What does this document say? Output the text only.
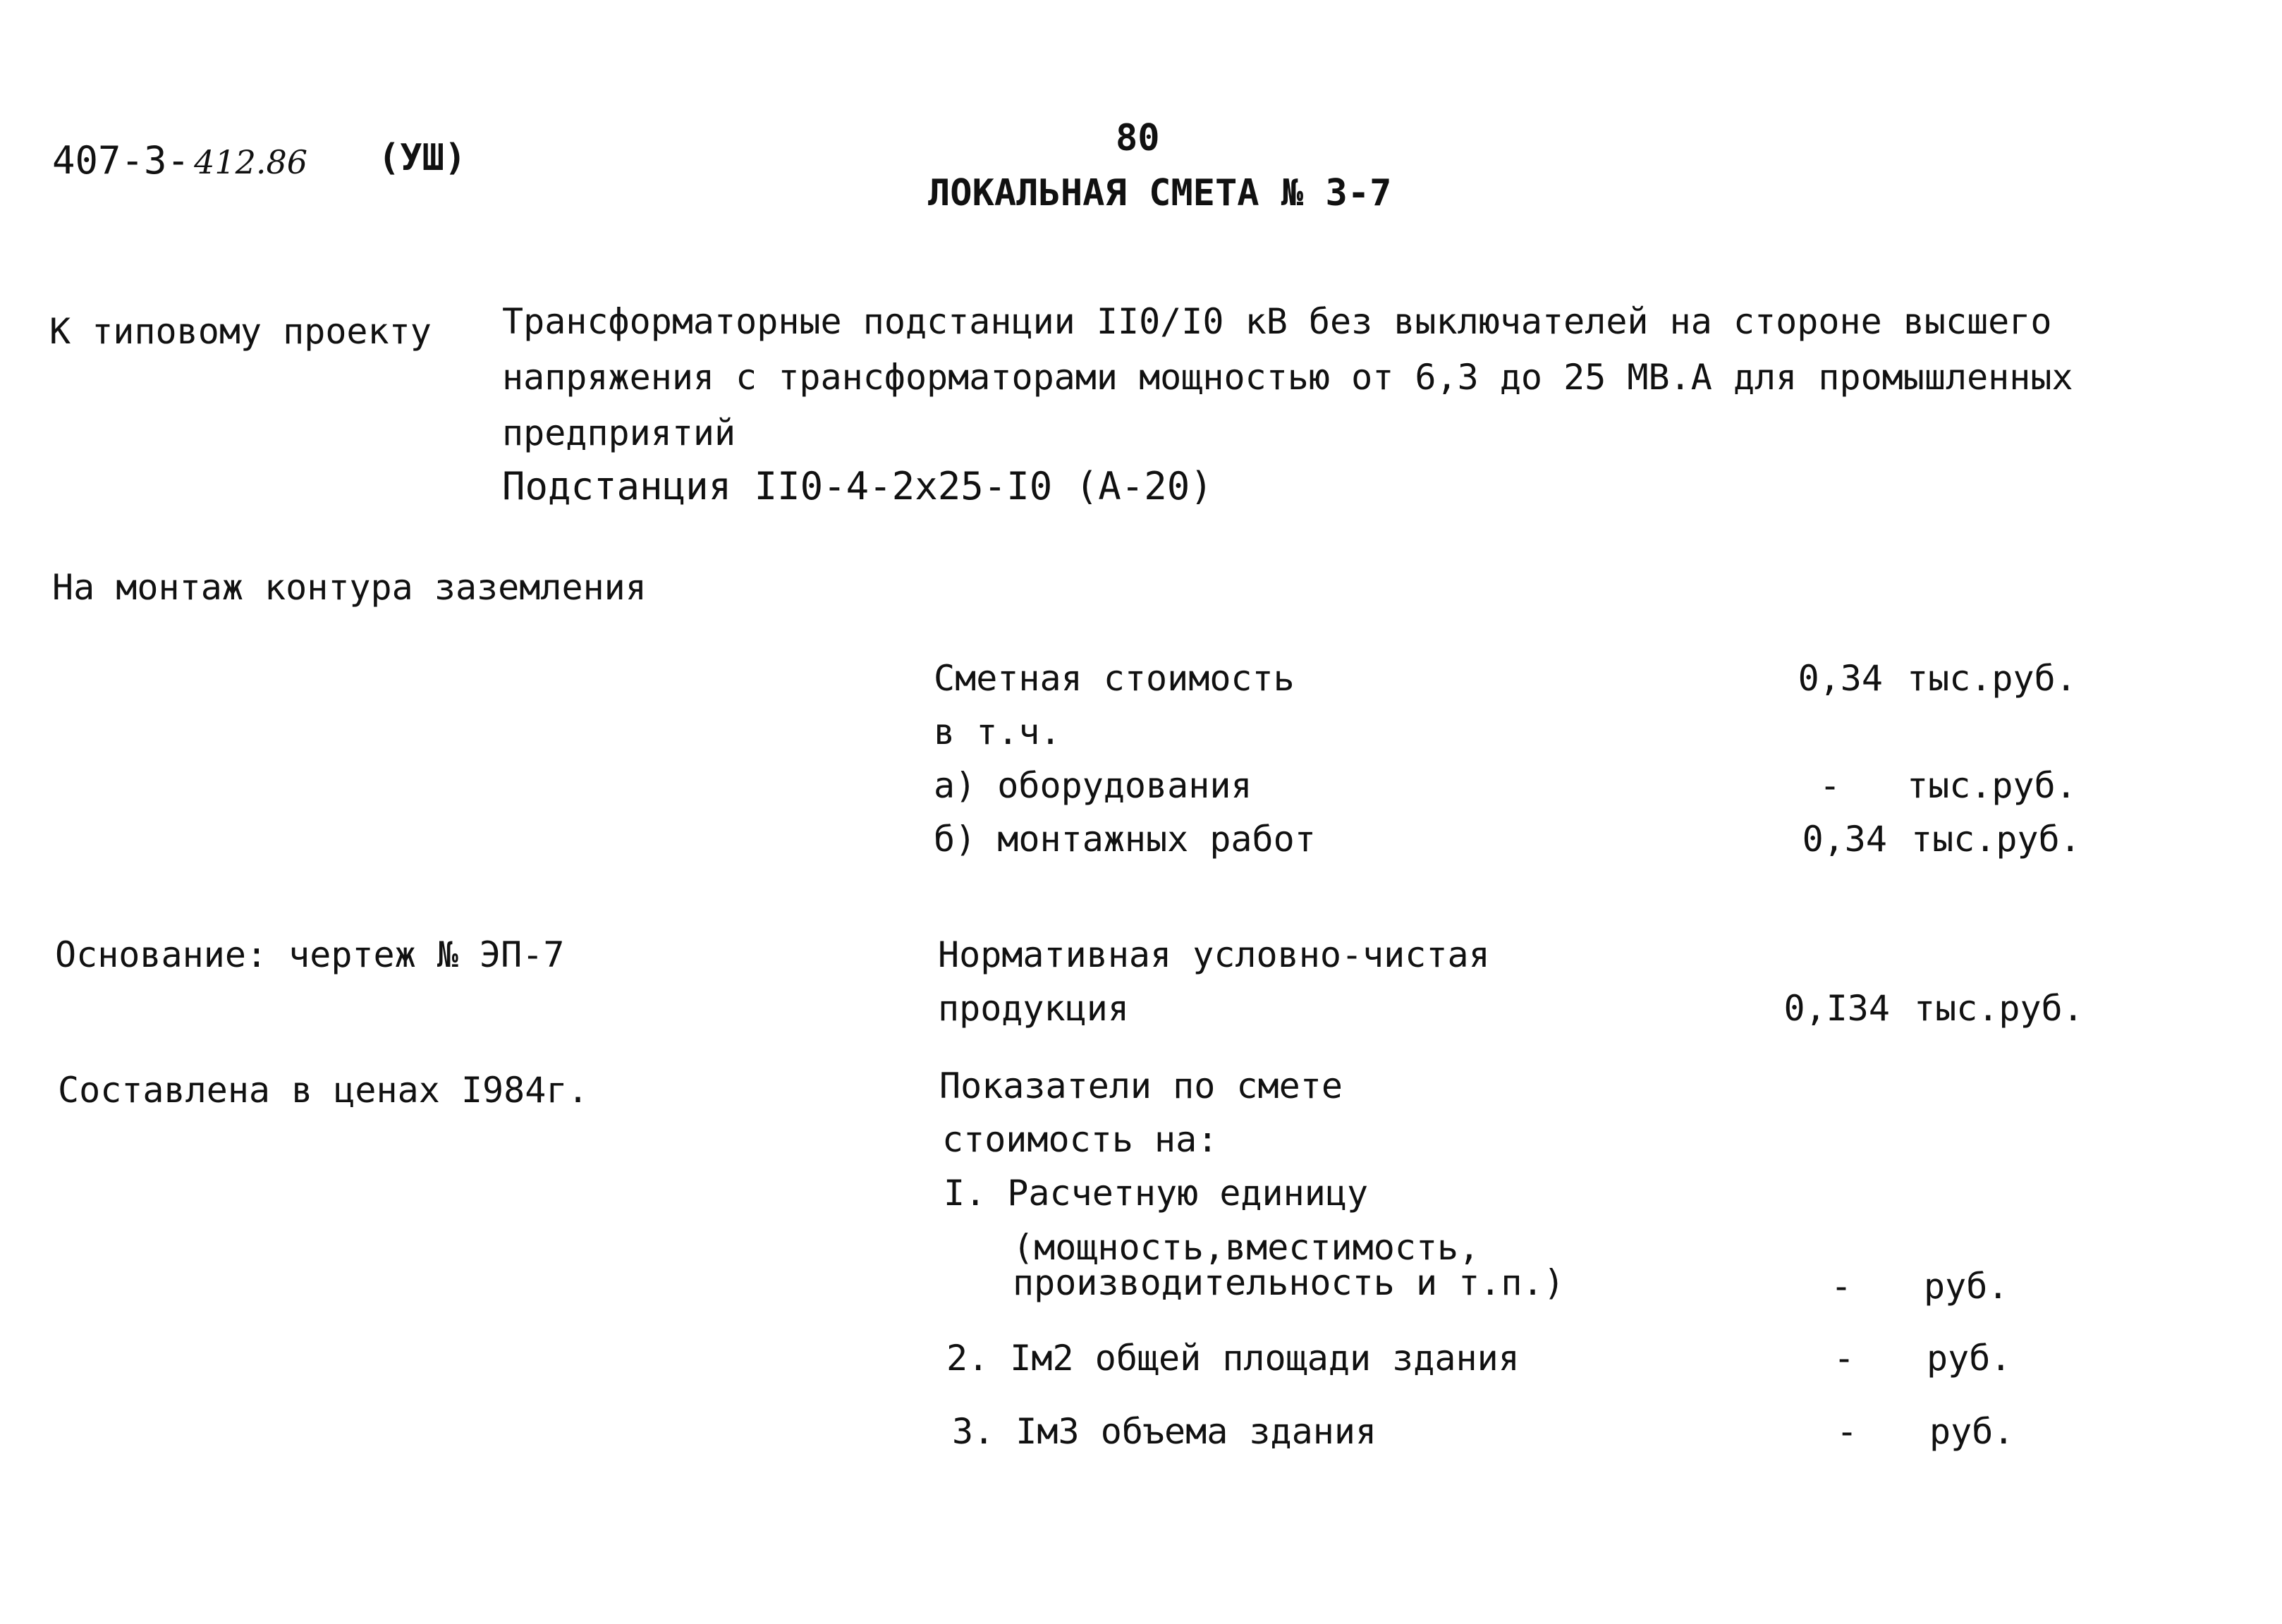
407-3- 412.86 (УШ)	80
ЛОКАЛЬНАЯ СМЕТА № 3-7
К типовому проекту Трансформаторные подстанции II0/I0 кВ без выключателей на стороне высшего
напряжения с трансформаторами мощностью от 6,3 до 25 МВ.А для промышленных
предприятий
Подстанция II0-4-2х25-I0 (А-20)
На монтаж контура заземления
Сметная стоимость	0,34 тыс.руб.
в т.ч.
а) оборудования	- тыс.руб.
б) монтажных работ	0,34 тыс.руб.
Основание: чертеж № ЭП-7	Нормативная условно-чистая
продукция	0,I34 тыс.руб.
Составлена в ценах I984г.	Показатели по смете
стоимость на:
I. Расчетную единицу
(мощность,вместимость,
производительность и т.п.)	- руб.
2. Iм2 общей площади здания	- руб.
3. Iм3 объема здания	- руб.
